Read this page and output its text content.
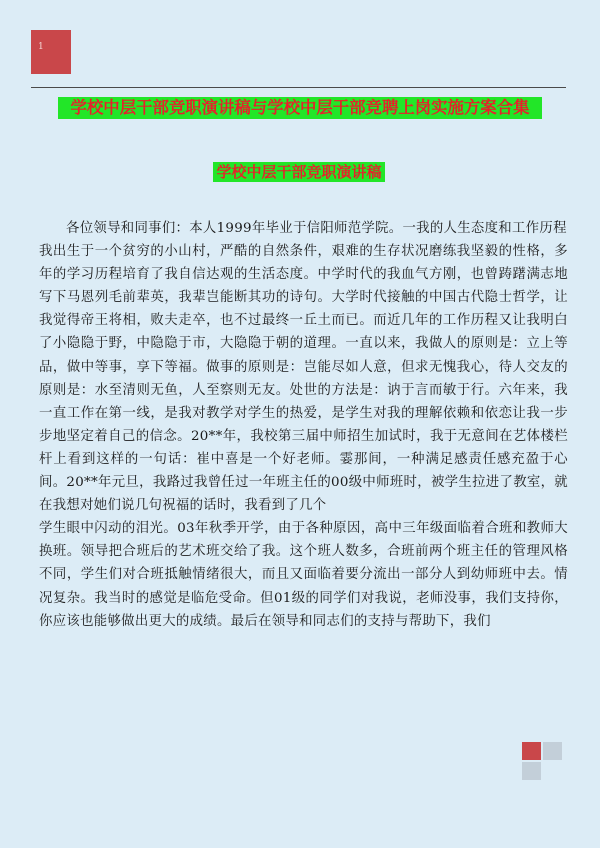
1
学校中层干部竞职演讲稿与学校中层干部竞聘上岗实施方案合集
学校中层干部竞职演讲稿

各位领导和同事们：本人1999年毕业于信阳师范学院。一我的人生态度和工作历程

我出生于一个贫穷的小山村，严酷的自然条件，艰难的生存状况磨练我坚毅的性格，多年的学习历程培育了我自信达观的生活态度。中学时代的我血气方刚，也曾踌躇满志地写下马恩列毛前辈英，我辈岂能断其功的诗句。大学时代接触的中国古代隐士哲学，让我觉得帝王将相，败夫走卒，也不过最终一丘土而已。而近几年的工作历程又让我明白了小隐隐于野，中隐隐于市，大隐隐于朝的道理。一直以来，我做人的原则是：立上等品，做中等事，享下等福。做事的原则是：岂能尽如人意，但求无愧我心，待人交友的原则是：水至清则无鱼，人至察则无友。处世的方法是：讷于言而敏于行。六年来，我一直工作在第一线，是我对教学对学生的热爱，是学生对我的理解依赖和依恋让我一步步地坚定着自己的信念。20**年，我校第三届中师招生加试时，我于无意间在艺体楼栏杆上看到这样的一句话：崔中喜是一个好老师。霎那间，一种满足感责任感充盈于心间。20**年元旦，我路过我曾任过一年班主任的00级中师班时，被学生拉进了教室，就在我想对她们说几句祝福的话时，我看到了几个

学生眼中闪动的泪光。03年秋季开学，由于各种原因，高中三年级面临着合班和教师大换班。领导把合班后的艺术班交给了我。这个班人数多，合班前两个班主任的管理风格不同，学生们对合班抵触情绪很大，而且又面临着要分流出一部分人到幼师班中去。情况复杂。我当时的感觉是临危受命。但01级的同学们对我说，老师没事，我们支持你，你应该也能够做出更大的成绩。最后在领导和同志们的支持与帮助下，我们
